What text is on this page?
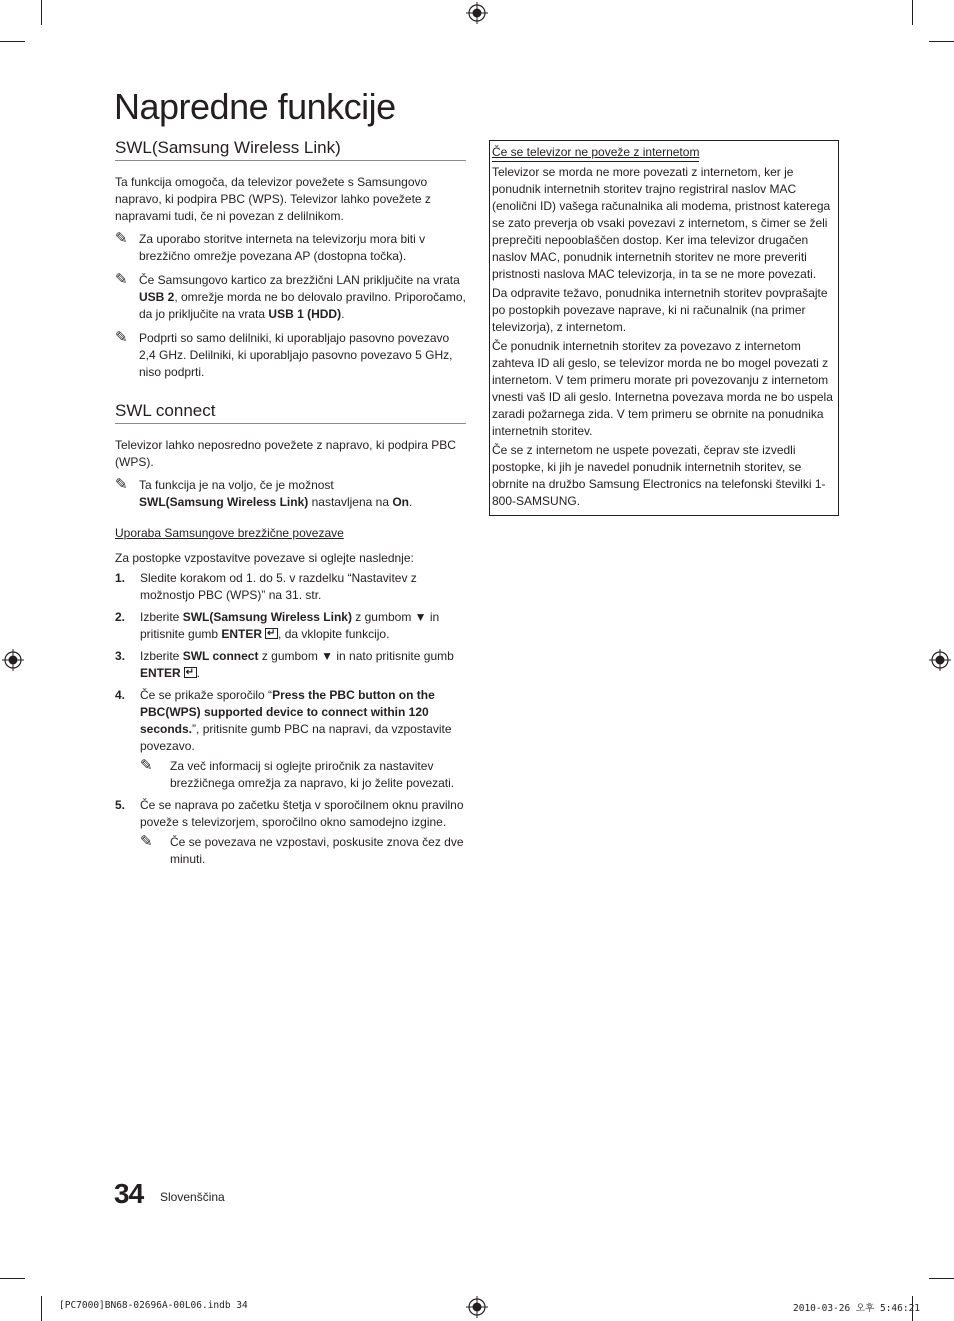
Napredne funkcije
SWL(Samsung Wireless Link)

Ta funkcija omogoča, da televizor povežete s Samsungovo napravo, ki podpira PBC (WPS). Televizor lahko povežete z napravami tudi, če ni povezan z delilnikom.

✎ Za uporabo storitve interneta na televizorju mora biti v brezžično omrežje povezana AP (dostopna točka).
✎ Če Samsungovo kartico za brezžični LAN priključite na vrata USB 2, omrežje morda ne bo delovalo pravilno. Priporočamo, da jo priključite na vrata USB 1 (HDD).
✎ Podprti so samo delilniki, ki uporabljajo pasovno povezavo 2,4 GHz. Delilniki, ki uporabljajo pasovno povezavo 5 GHz, niso podprti.
SWL connect

Televizor lahko neposredno povežete z napravo, ki podpira PBC (WPS).

✎ Ta funkcija je na voljo, če je možnost
SWL(Samsung Wireless Link) nastavljena na On.

Uporaba Samsungove brezžične povezave

Za postopke vzpostavitve povezave si oglejte naslednje:

1.	Sledite korakom od 1. do 5. v razdelku “Nastavitev z možnostjo PBC (WPS)” na 31. str.
2.	Izberite SWL(Samsung Wireless Link) z gumbom ▼ in pritisnite gumb ENTER ↵ , da vklopite funkcijo.
3.	Izberite SWL connect z gumbom ▼ in nato pritisnite gumb ENTER ↵ .
4.	Če se prikaže sporočilo “Press the PBC button on the PBC(WPS) supported device to connect within 120 seconds.”, pritisnite gumb PBC na napravi, da vzpostavite povezavo.
✎	Za več informacij si oglejte priročnik za nastavitev brezžičnega omrežja za napravo, ki jo želite povezati.
5.	Če se naprava po začetku štetja v sporočilnem oknu pravilno poveže s televizorjem, sporočilno okno samodejno izgine.
✎	Če se povezava ne vzpostavi, poskusite znova čez dve minuti.
Če se televizor ne poveže z internetom

Televizor se morda ne more povezati z internetom, ker je ponudnik internetnih storitev trajno registriral naslov MAC (enolični ID) vašega računalnika ali modema, pristnost katerega se zato preverja ob vsaki povezavi z internetom, s čimer se želi preprečiti nepooblaščen dostop. Ker ima televizor drugačen naslov MAC, ponudnik internetnih storitev ne more preveriti pristnosti naslova MAC televizorja, in ta se ne more povezati.

Da odpravite težavo, ponudnika internetnih storitev povprašajte po postopkih povezave naprave, ki ni računalnik (na primer televizorja), z internetom.

Če ponudnik internetnih storitev za povezavo z internetom zahteva ID ali geslo, se televizor morda ne bo mogel povezati z internetom. V tem primeru morate pri povezovanju z internetom vnesti vaš ID ali geslo. Internetna povezava morda ne bo uspela zaradi požarnega zida. V tem primeru se obrnite na ponudnika internetnih storitev.

Če se z internetom ne uspete povezati, čeprav ste izvedli postopke, ki jih je navedel ponudnik internetnih storitev, se obrnite na družbo Samsung Electronics na telefonski številki 1-800-SAMSUNG.

34 Slovenščina
[PC7000]BN68-02696A-00L06.indb 34	2010-03-26 오후 5:46:21
